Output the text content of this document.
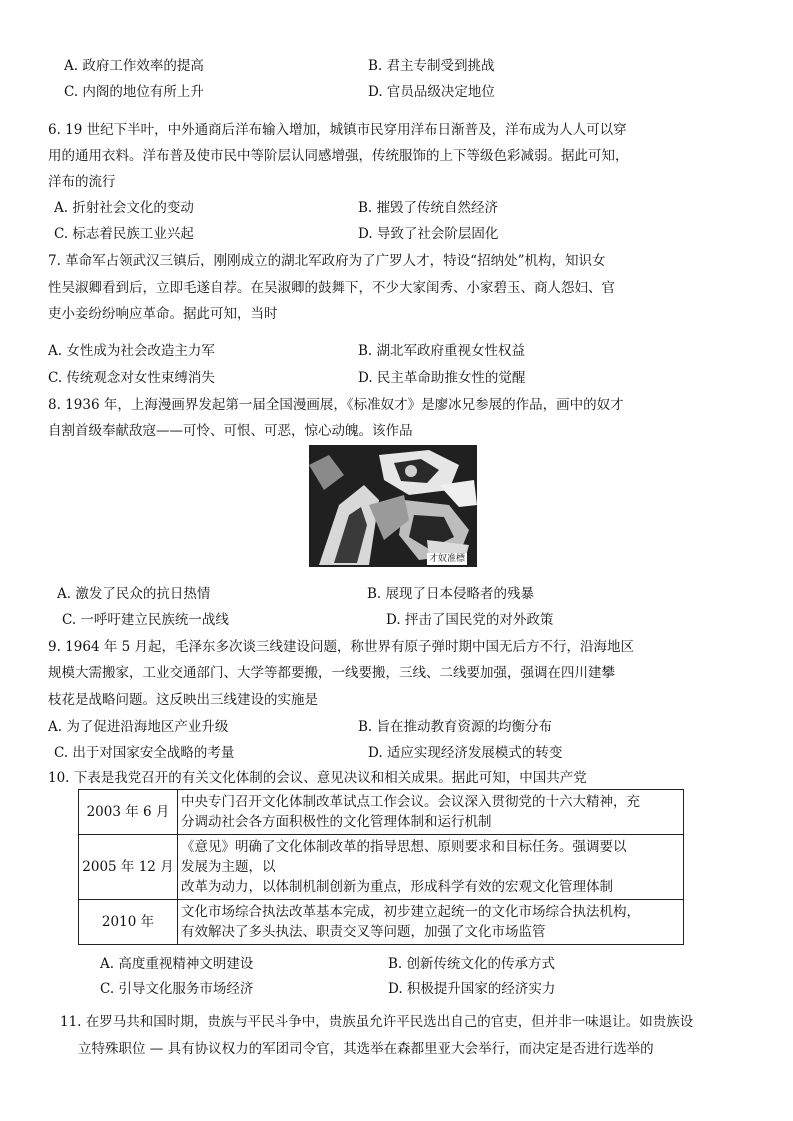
A. 政府工作效率的提高	B. 君主专制受到挑战
C. 内阁的地位有所上升	D. 官员品级决定地位
6. 19 世纪下半叶，中外通商后洋布输入增加，城镇市民穿用洋布日渐普及，洋布成为人人可以穿
用的通用衣料。洋布普及使市民中等阶层认同感增强，传统服饰的上下等级色彩减弱。据此可知，
洋布的流行
A. 折射社会文化的变动	B. 摧毁了传统自然经济
C. 标志着民族工业兴起	D. 导致了社会阶层固化
7. 革命军占领武汉三镇后，刚刚成立的湖北军政府为了广罗人才，特设“招纳处”机构，知识女
性吴淑卿看到后，立即毛遂自荐。在吴淑卿的鼓舞下，不少大家闺秀、小家碧玉、商人怨妇、官
吏小妾纷纷响应革命。据此可知，当时
A. 女性成为社会改造主力军	B. 湖北军政府重视女性权益
C. 传统观念对女性束缚消失	D. 民主革命助推女性的觉醒
8. 1936 年，上海漫画界发起第一届全国漫画展，《标准奴才》是廖冰兄参展的作品，画中的奴才
自割首级奉献敌寇——可怜、可恨、可恶，惊心动魄。该作品
才奴准標
A. 激发了民众的抗日热情	B. 展现了日本侵略者的残暴
C. 一呼吁建立民族统一战线	D. 抨击了国民党的对外政策
9. 1964 年 5 月起，毛泽东多次谈三线建设问题，称世界有原子弹时期中国无后方不行，沿海地区
规模大需搬家，工业交通部门、大学等都要搬，一线要搬，三线、二线要加强，强调在四川建攀
枝花是战略问题。这反映出三线建设的实施是
A. 为了促进沿海地区产业升级	B. 旨在推动教育资源的均衡分布
C. 出于对国家安全战略的考量	D. 适应实现经济发展模式的转变
10. 下表是我党召开的有关文化体制的会议、意见决议和相关成果。据此可知，中国共产党
2003 年 6 月	中央专门召开文化体制改革试点工作会议。会议深入贯彻党的十六大精神，充
分调动社会各方面积极性的文化管理体制和运行机制

2005 年 12 月	《意见》明确了文化体制改革的指导思想、原则要求和目标任务。强调要以
发展为主题，以
改革为动力，以体制机制创新为重点，形成科学有效的宏观文化管理体制

2010 年	文化市场综合执法改革基本完成，初步建立起统一的文化市场综合执法机构，
有效解决了多头执法、职责交叉等问题，加强了文化市场监管
A. 高度重视精神文明建设	B. 创新传统文化的传承方式
C. 引导文化服务市场经济	D. 积极提升国家的经济实力
11. 在罗马共和国时期，贵族与平民斗争中，贵族虽允许平民选出自己的官吏，但并非一味退让。如贵族设
立特殊职位 — 具有协议权力的军团司令官，其选举在森都里亚大会举行，而决定是否进行选举的
